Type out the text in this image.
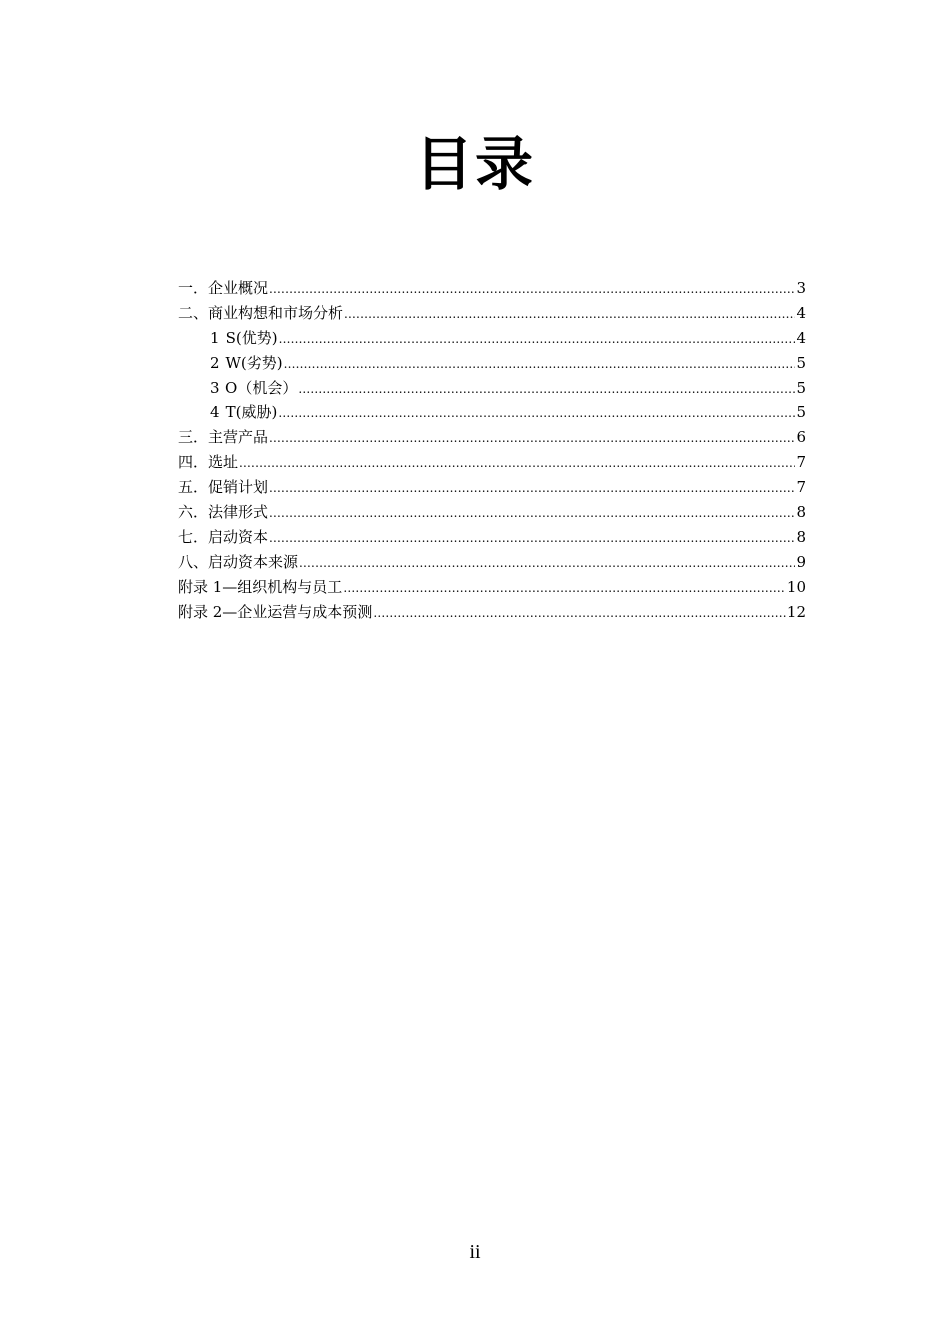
目录
一．企业概况 .....	3
二、商业构想和市场分析 .....	4
1 S(优势) .....	4
2 W(劣势) .....	5
3 O（机会） .....	5
4 T(威胁) .....	5
三．主营产品 .....	6
四．选址 .....	7
五．促销计划 .....	7
六．法律形式 .....	8
七．启动资本 .....	8
八、启动资本来源 .....	9
附录 1—组织机构与员工 .....	10
附录 2—企业运营与成本预测 .....	12
ii
